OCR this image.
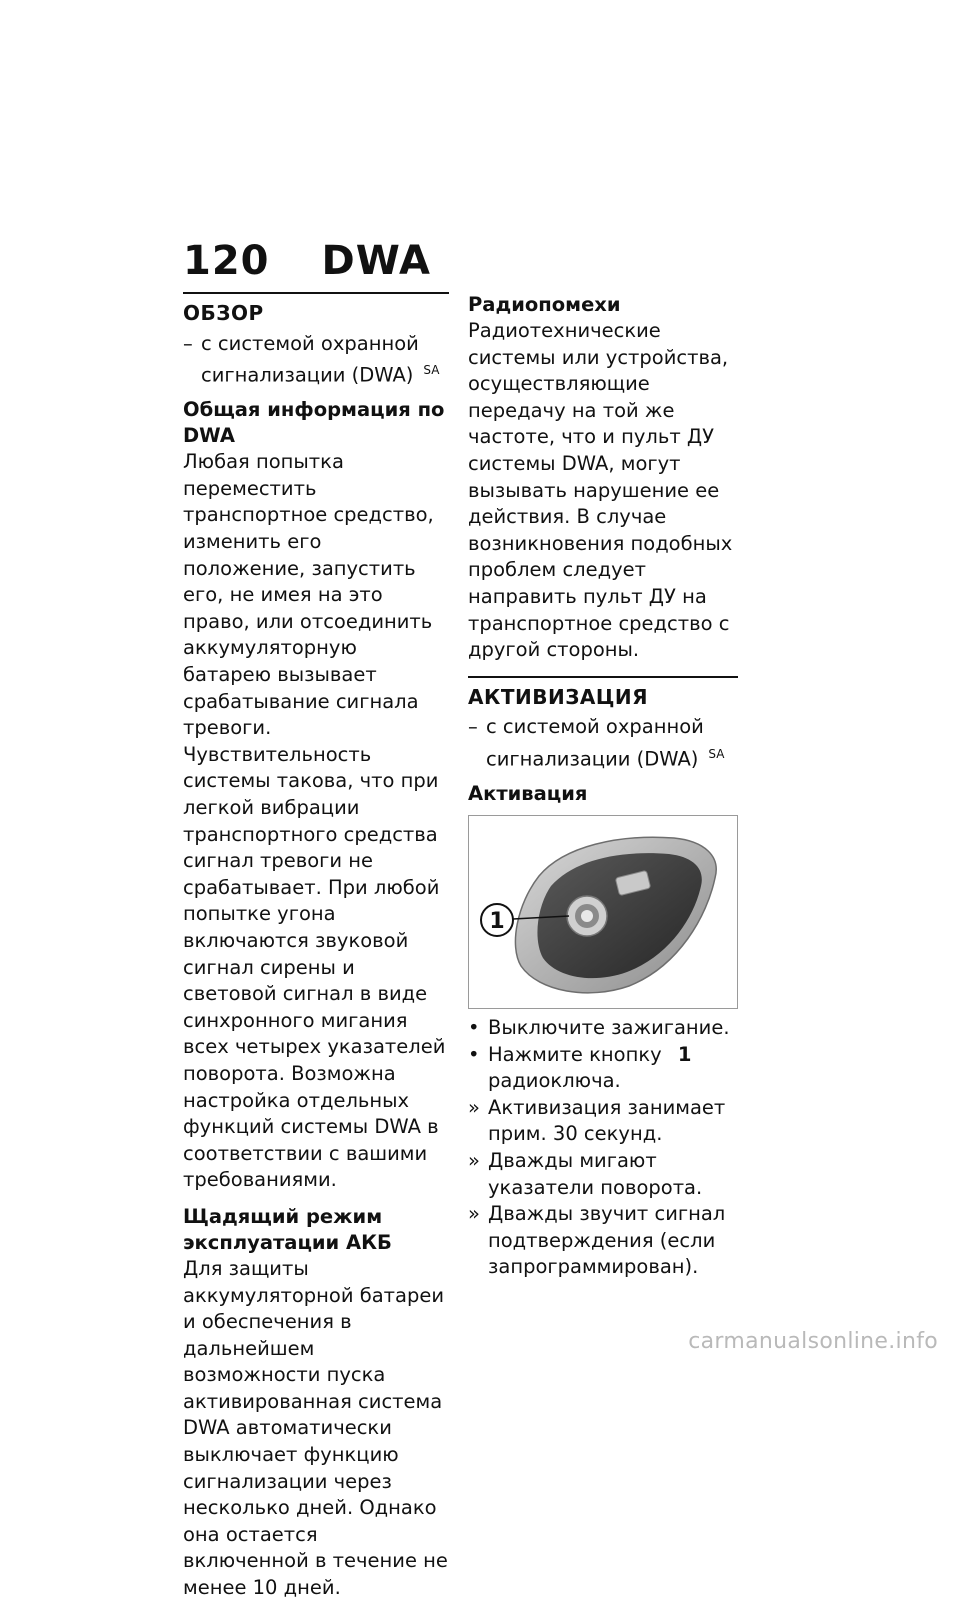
120 DWA
ОБЗОР
– с системой охранной сигнализации (DWA) $^{SA}$
Общая информация по DWA

Любая попытка переместить транспортное средство, изменить его положение, запустить его, не имея на это право, или отсоединить аккумуляторную батарею вызывает срабатывание сигнала тревоги. Чувствительность системы такова, что при легкой вибрации транспортного средства сигнал тревоги не срабатывает. При любой попытке угона включаются звуковой сигнал сирены и световой сигнал в виде синхронного мигания всех четырех указателей поворота. Возможна настройка отдельных функций системы DWA в соответствии с вашими требованиями.

Щадящий режим эксплуатации АКБ

Для защиты аккумуляторной батареи и обеспечения в дальнейшем возможности пуска активированная система DWA автоматически выключает функцию сигнализации через несколько дней. Однако она остается включенной в течение не менее 10 дней.

Радиопомехи

Радиотехнические системы или устройства, осуществляющие передачу на той же частоте, что и пульт ДУ системы DWA, могут вызывать нарушение ее действия. В случае возникновения подобных проблем следует направить пульт ДУ на транспортное средство с другой стороны.

АКТИВИЗАЦИЯ
– с системой охранной сигнализации (DWA) $^{SA}$
Активация
1
• Выключите зажигание.
• Нажмите кнопку 1 радиоключа.
» Активизация занимает прим. 30 секунд.
» Дважды мигают указатели поворота.
» Дважды звучит сигнал подтверждения (если запрограммирован).
carmanualsonline.info
